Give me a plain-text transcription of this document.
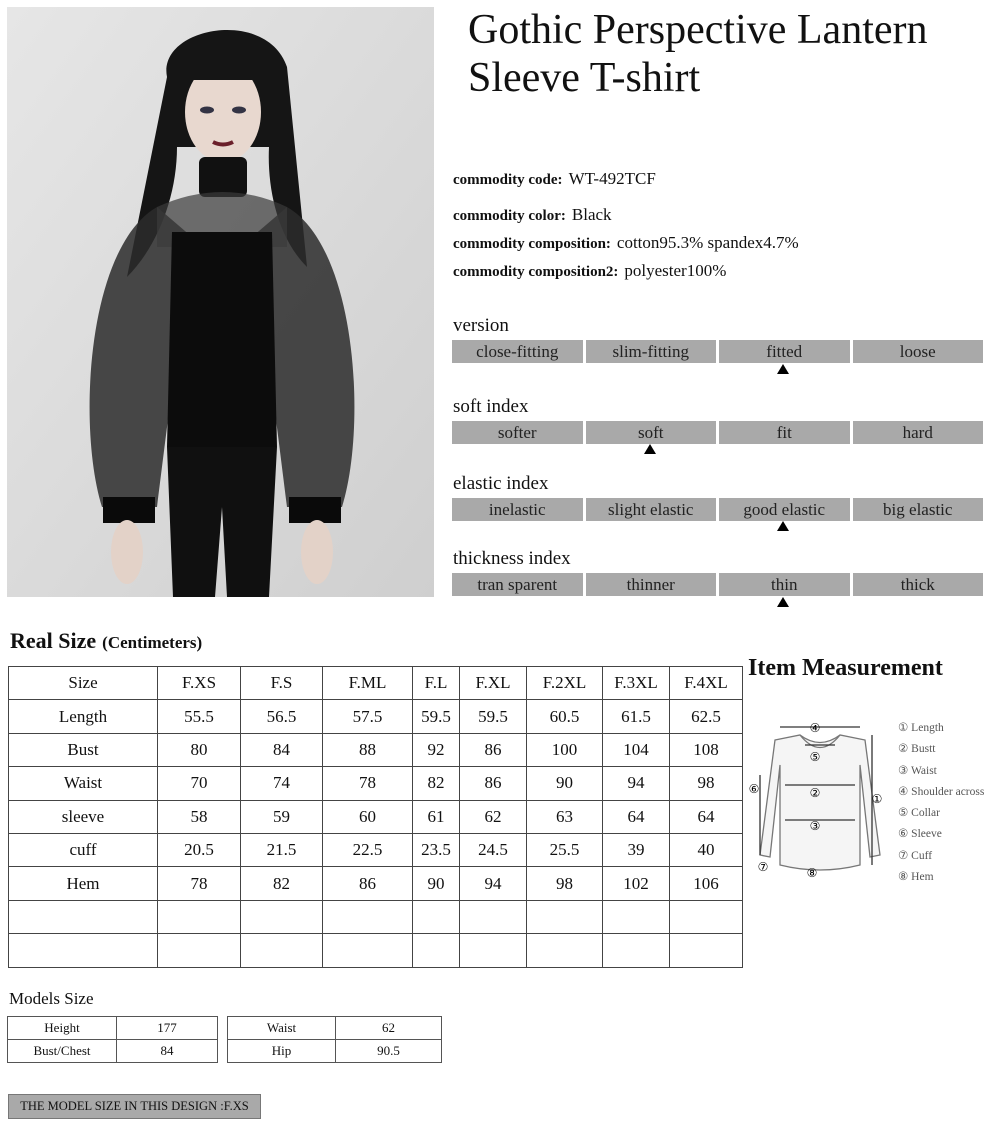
Gothic Perspective Lantern
Sleeve T-shirt
commodity code: WT-492TCF
commodity color: Black
commodity composition: cotton95.3% spandex4.7%
commodity composition2: polyester100%
version
close-fitting	slim-fitting	fitted	loose
soft index
softer	soft	fit	hard
elastic index
inelastic	slight elastic	good elastic	big elastic
thickness index
tran sparent	thinner	thin	thick
Real Size (Centimeters)
Size	F.XS	F.S	F.ML	F.L	F.XL	F.2XL	F.3XL	F.4XL
Length	55.5	56.5	57.5	59.5	59.5	60.5	61.5	62.5
Bust	80	84	88	92	86	100	104	108
Waist	70	74	78	82	86	90	94	98
sleeve	58	59	60	61	62	63	64	64
cuff	20.5	21.5	22.5	23.5	24.5	25.5	39	40
Hem	78	82	86	90	94	98	102	106

Item Measurement
④
⑤
②
③
①
⑥
⑦	⑧
① Length
② Bustt
③ Waist
④ Shoulder across
⑤ Collar
⑥ Sleeve
⑦ Cuff
⑧ Hem
Models Size
Height	177
Bust/Chest	84
Waist	62
Hip	90.5
THE MODEL SIZE IN THIS DESIGN :F.XS
